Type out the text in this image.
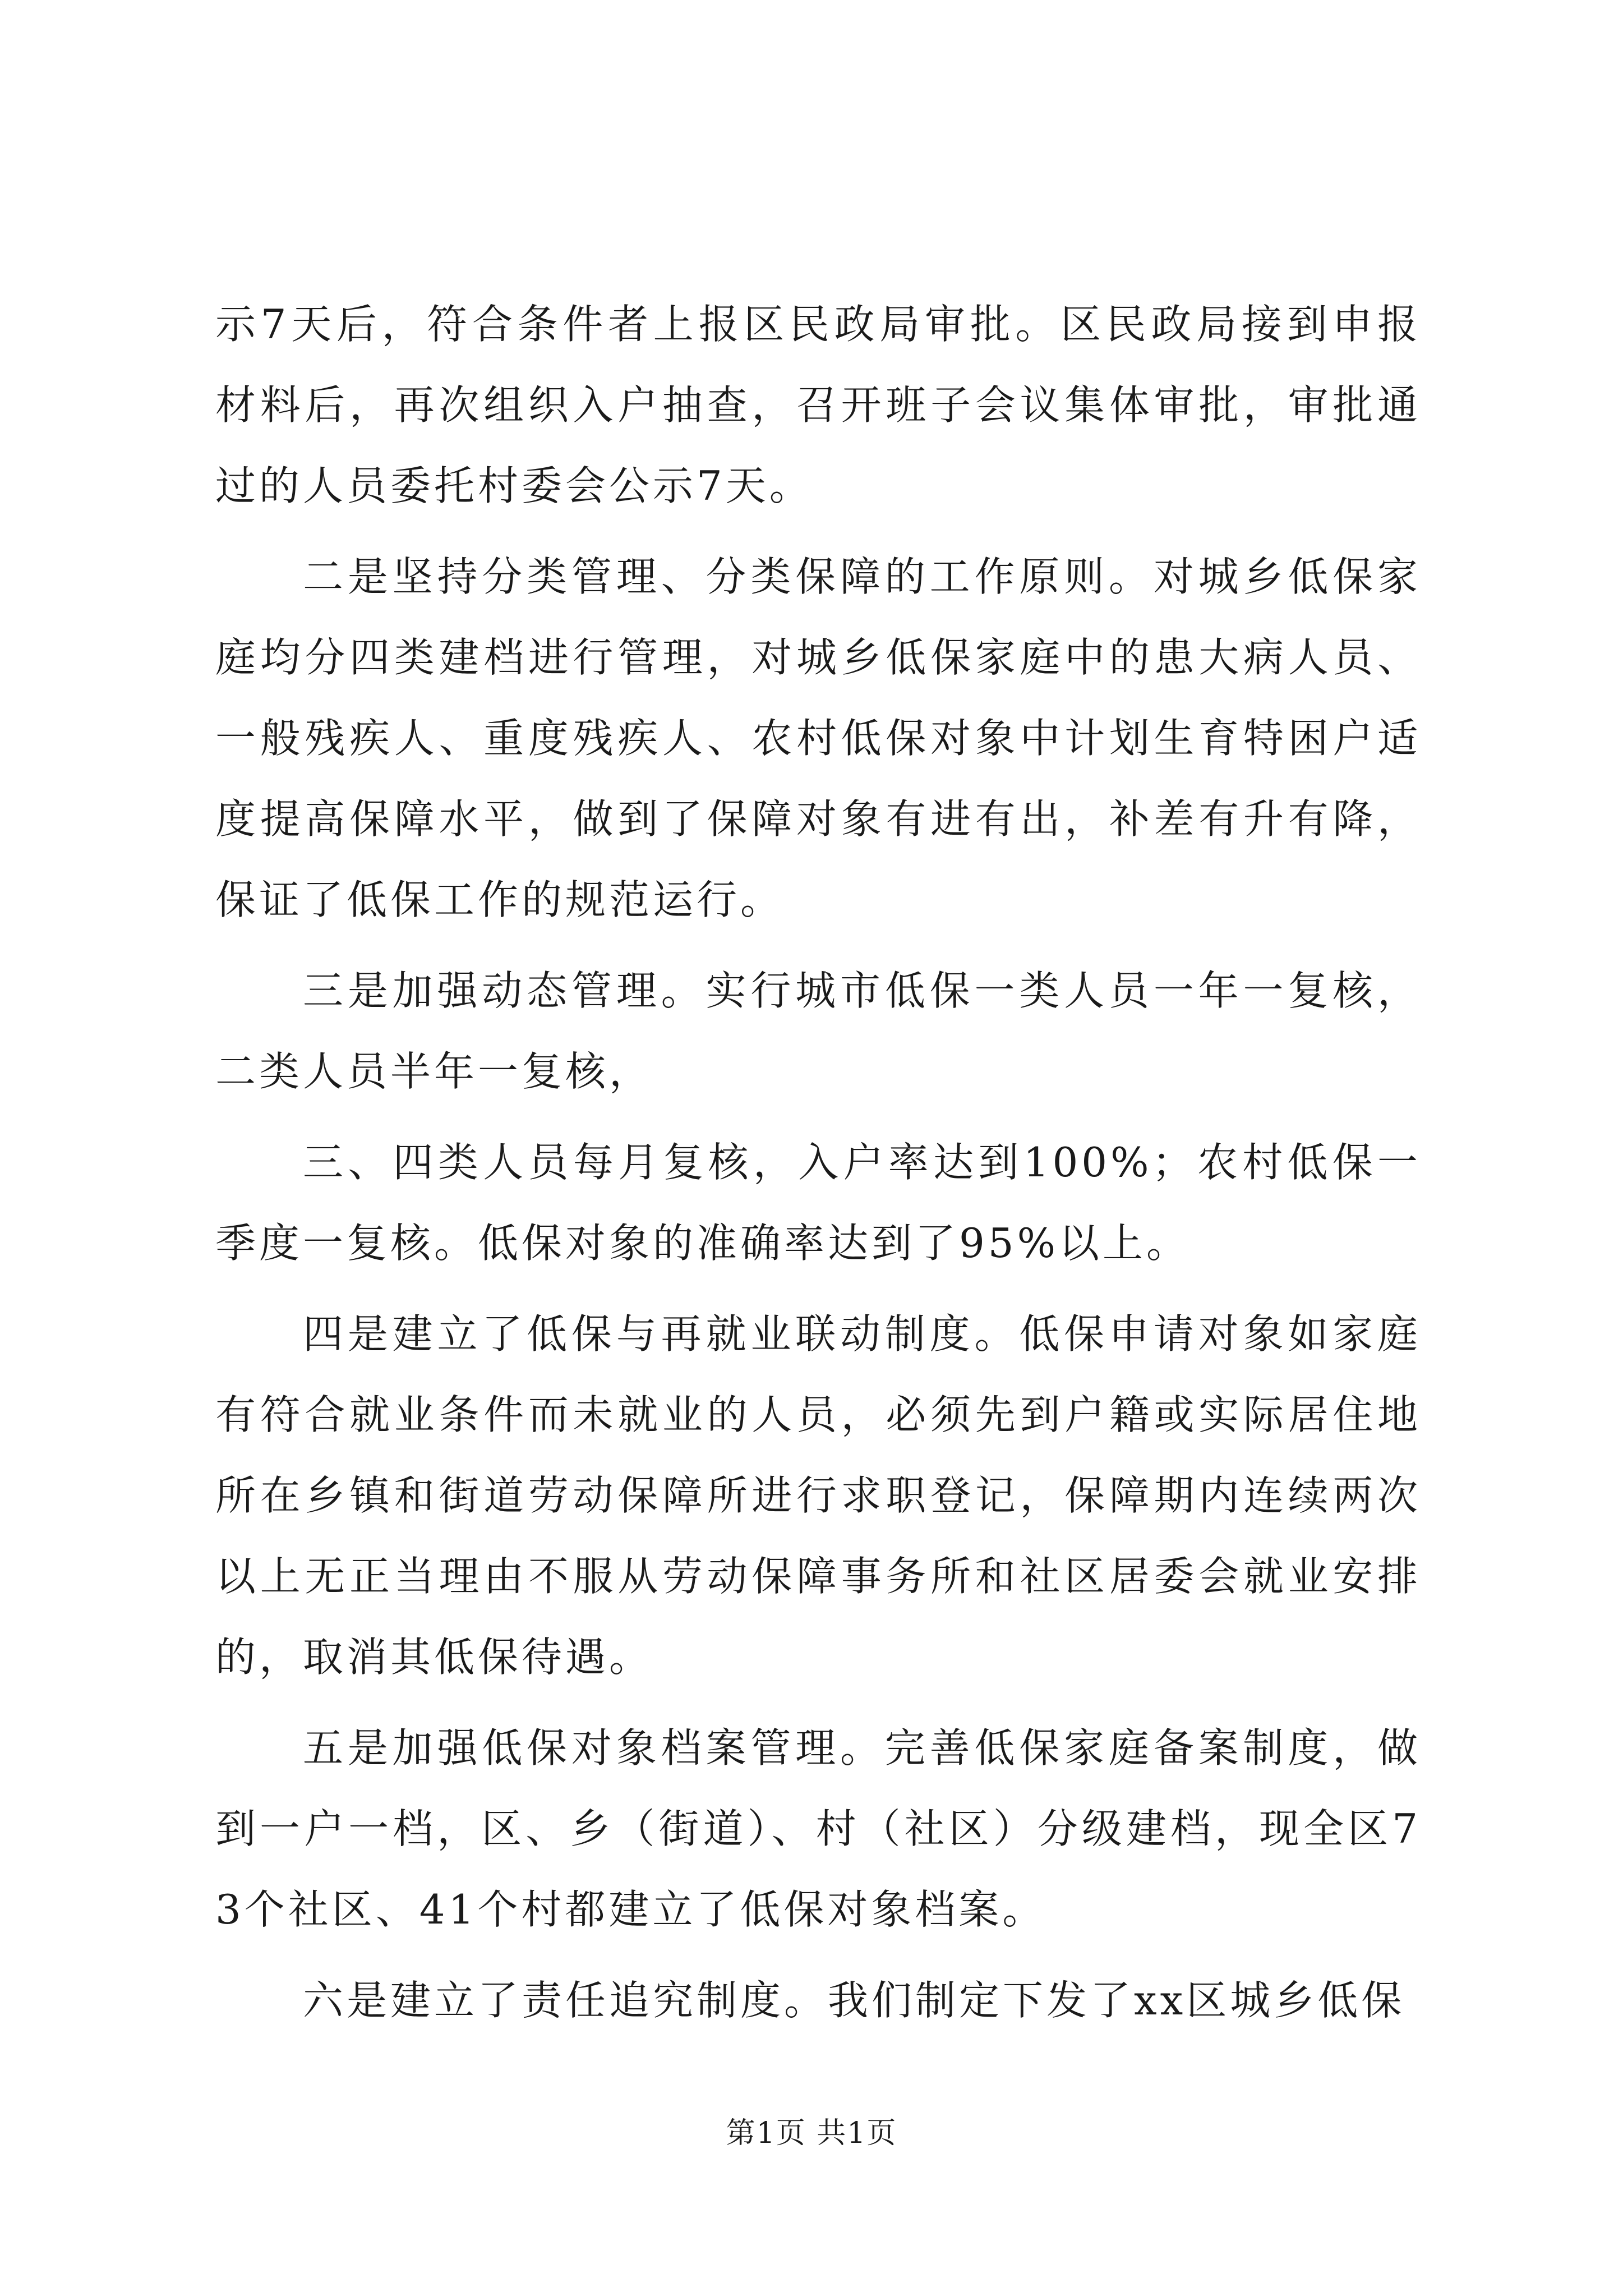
示7天后，符合条件者上报区民政局审批。区民政局接到申报材料后，再次组织入户抽查，召开班子会议集体审批，审批通过的人员委托村委会公示7天。

二是坚持分类管理、分类保障的工作原则。对城乡低保家庭均分四类建档进行管理，对城乡低保家庭中的患大病人员、一般残疾人、重度残疾人、农村低保对象中计划生育特困户适度提高保障水平，做到了保障对象有进有出，补差有升有降，保证了低保工作的规范运行。

三是加强动态管理。实行城市低保一类人员一年一复核，二类人员半年一复核，

三、四类人员每月复核，入户率达到100%；农村低保一季度一复核。低保对象的准确率达到了95%以上。

四是建立了低保与再就业联动制度。低保申请对象如家庭有符合就业条件而未就业的人员，必须先到户籍或实际居住地所在乡镇和街道劳动保障所进行求职登记，保障期内连续两次以上无正当理由不服从劳动保障事务所和社区居委会就业安排的，取消其低保待遇。

五是加强低保对象档案管理。完善低保家庭备案制度，做到一户一档，区、乡（街道）、村（社区）分级建档，现全区73个社区、41个村都建立了低保对象档案。

六是建立了责任追究制度。我们制定下发了xx区城乡低保

第1页 共1页
